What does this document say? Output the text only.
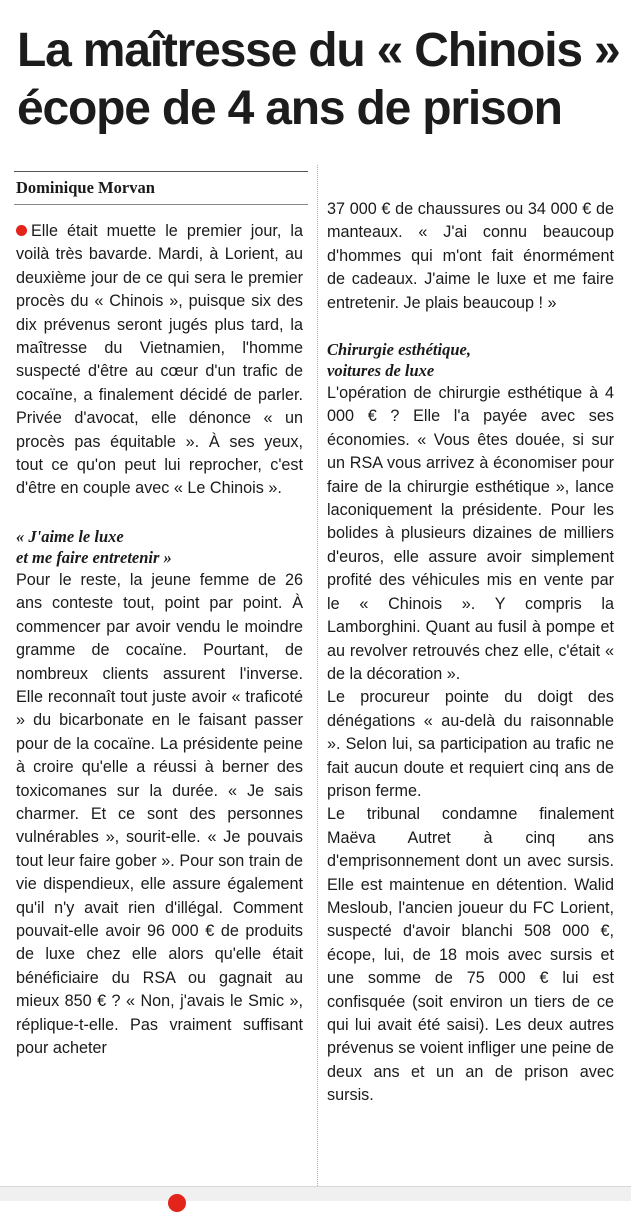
La maîtresse du « Chinois »
écope de 4 ans de prison
Dominique Morvan

Elle était muette le premier jour, la voilà très bavarde. Mardi, à Lorient, au deuxième jour de ce qui sera le premier procès du « Chinois », puisque six des dix prévenus seront jugés plus tard, la maîtresse du Vietnamien, l'homme suspecté d'être au cœur d'un trafic de cocaïne, a finalement décidé de parler. Privée d'avocat, elle dénonce « un procès pas équitable ». À ses yeux, tout ce qu'on peut lui reprocher, c'est d'être en couple avec « Le Chinois ».

« J'aime le luxe
et me faire entretenir »

Pour le reste, la jeune femme de 26 ans conteste tout, point par point. À commencer par avoir vendu le moindre gramme de cocaïne. Pourtant, de nombreux clients assurent l'inverse. Elle reconnaît tout juste avoir « traficoté » du bicarbonate en le faisant passer pour de la cocaïne. La présidente peine à croire qu'elle a réussi à berner des toxicomanes sur la durée. « Je sais charmer. Et ce sont des personnes vulnérables », sourit-elle. « Je pouvais tout leur faire gober ». Pour son train de vie dispendieux, elle assure également qu'il n'y avait rien d'illégal. Comment pouvait-elle avoir 96 000 € de produits de luxe chez elle alors qu'elle était bénéficiaire du RSA ou gagnait au mieux 850 € ? « Non, j'avais le Smic », réplique-t-elle. Pas vraiment suffisant pour acheter

37 000 € de chaussures ou 34 000 € de manteaux. « J'ai connu beaucoup d'hommes qui m'ont fait énormément de cadeaux. J'aime le luxe et me faire entretenir. Je plais beaucoup ! »

Chirurgie esthétique,
voitures de luxe

L'opération de chirurgie esthétique à 4 000 € ? Elle l'a payée avec ses économies. « Vous êtes douée, si sur un RSA vous arrivez à économiser pour faire de la chirurgie esthétique », lance laconiquement la présidente. Pour les bolides à plusieurs dizaines de milliers d'euros, elle assure avoir simplement profité des véhicules mis en vente par le « Chinois ». Y compris la Lamborghini. Quant au fusil à pompe et au revolver retrouvés chez elle, c'était « de la décoration ».

Le procureur pointe du doigt des dénégations « au-delà du raisonnable ». Selon lui, sa participation au trafic ne fait aucun doute et requiert cinq ans de prison ferme.

Le tribunal condamne finalement Maëva Autret à cinq ans d'emprisonnement dont un avec sursis. Elle est maintenue en détention. Walid Mesloub, l'ancien joueur du FC Lorient, suspecté d'avoir blanchi 508 000 €, écope, lui, de 18 mois avec sursis et une somme de 75 000 € lui est confisquée (soit environ un tiers de ce qui lui avait été saisi). Les deux autres prévenus se voient infliger une peine de deux ans et un an de prison avec sursis.
